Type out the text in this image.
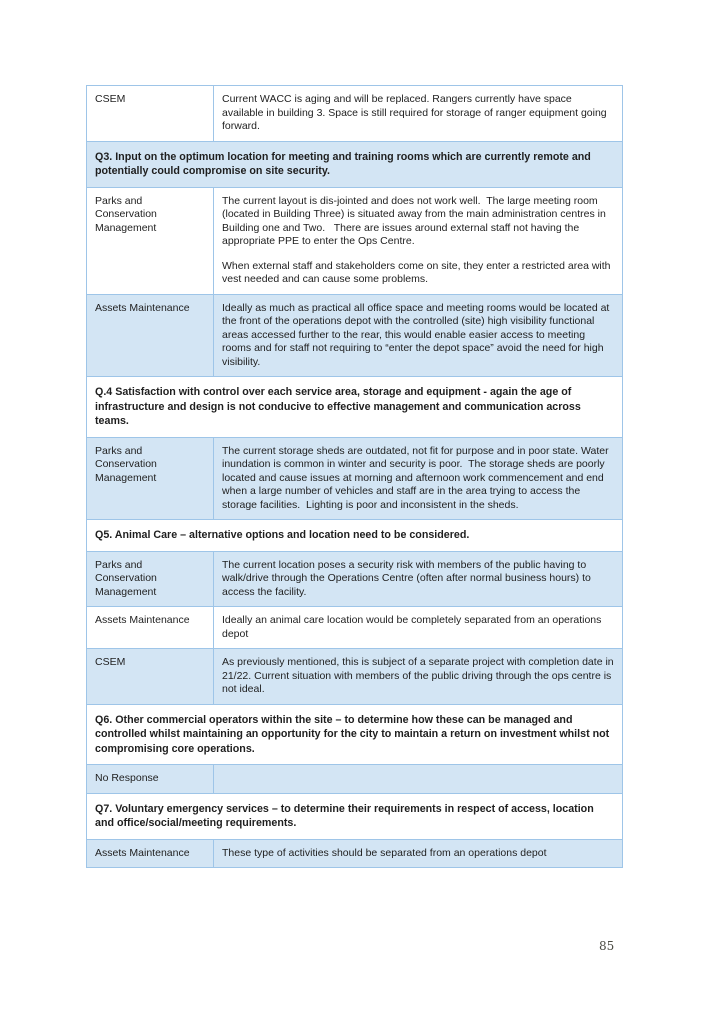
CSEM	Current WACC is aging and will be replaced. Rangers currently have space available in building 3. Space is still required for storage of ranger equipment going forward.

Q3. Input on the optimum location for meeting and training rooms which are currently remote and potentially could compromise on site security.	
Parks and Conservation Management	The current layout is dis-jointed and does not work well.  The large meeting room (located in Building Three) is situated away from the main administration centres in Building one and Two.   There are issues around external staff not having the appropriate PPE to enter the Ops Centre.

When external staff and stakeholders come on site, they enter a restricted area with vest needed and can cause some problems.

Assets Maintenance	Ideally as much as practical all office space and meeting rooms would be located at the front of the operations depot with the controlled (site) high visibility functional areas accessed further to the rear, this would enable easier access to meeting rooms and for staff not requiring to “enter the depot space” avoid the need for high visibility.

Q.4 Satisfaction with control over each service area, storage and equipment - again the age of infrastructure and design is not conducive to effective management and communication across teams.	
Parks and Conservation Management	The current storage sheds are outdated, not fit for purpose and in poor state. Water inundation is common in winter and security is poor.  The storage sheds are poorly located and cause issues at morning and afternoon work commencement and end when a large number of vehicles and staff are in the area trying to access the storage facilities.  Lighting is poor and inconsistent in the sheds.

Q5. Animal Care – alternative options and location need to be considered.	
Parks and Conservation Management	The current location poses a security risk with members of the public having to walk/drive through the Operations Centre (often after normal business hours) to access the facility.

Assets Maintenance	Ideally an animal care location would be completely separated from an operations depot

CSEM	As previously mentioned, this is subject of a separate project with completion date in 21/22. Current situation with members of the public driving through the ops centre is not ideal.

Q6. Other commercial operators within the site – to determine how these can be managed and controlled whilst maintaining an opportunity for the city to maintain a return on investment whilst not compromising core operations.	
No Response	
Q7. Voluntary emergency services – to determine their requirements in respect of access, location and office/social/meeting requirements.	
Assets Maintenance	These type of activities should be separated from an operations depot

85
